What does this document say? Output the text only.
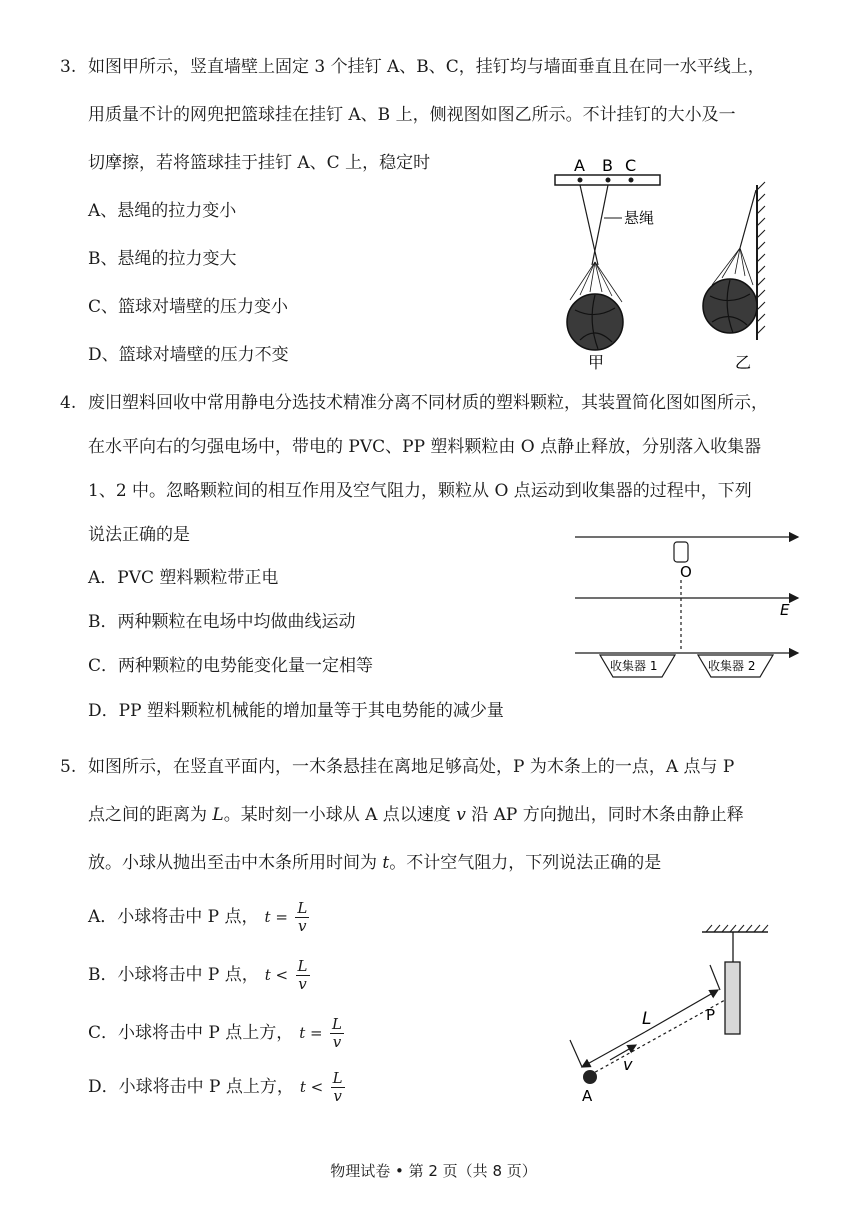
3. 如图甲所示，竖直墙壁上固定 3 个挂钉 A、B、C，挂钉均与墙面垂直且在同一水平线上，
用质量不计的网兜把篮球挂在挂钉 A、B 上，侧视图如图乙所示。不计挂钉的大小及一
切摩擦，若将篮球挂于挂钉 A、C 上，稳定时
A、悬绳的拉力变小
B、悬绳的拉力变大
C、篮球对墙壁的压力变小
D、篮球对墙壁的压力不变
A B C
悬绳
甲	乙
4. 废旧塑料回收中常用静电分选技术精准分离不同材质的塑料颗粒，其装置简化图如图所示，
在水平向右的匀强电场中，带电的 PVC、PP 塑料颗粒由 O 点静止释放，分别落入收集器
1、2 中。忽略颗粒间的相互作用及空气阻力，颗粒从 O 点运动到收集器的过程中，下列
说法正确的是
A．PVC 塑料颗粒带正电
B．两种颗粒在电场中均做曲线运动
C．两种颗粒的电势能变化量一定相等
D．PP 塑料颗粒机械能的增加量等于其电势能的减少量
O
E
收集器 1	收集器 2
5. 如图所示，在竖直平面内，一木条悬挂在离地足够高处，P 为木条上的一点，A 点与 P
点之间的距离为 L。某时刻一小球从 A 点以速度 v 沿 AP 方向抛出，同时木条由静止释
放。小球从抛出至击中木条所用时间为 t。不计空气阻力，下列说法正确的是
A．小球将击中 P 点， $t = \frac{L}{v}$
B．小球将击中 P 点， $t < \frac{L}{v}$
C．小球将击中 P 点上方， $t = \frac{L}{v}$
D．小球将击中 P 点上方， $t < \frac{L}{v}$
L	P
v
A
物理试卷 • 第 2 页（共 8 页）
